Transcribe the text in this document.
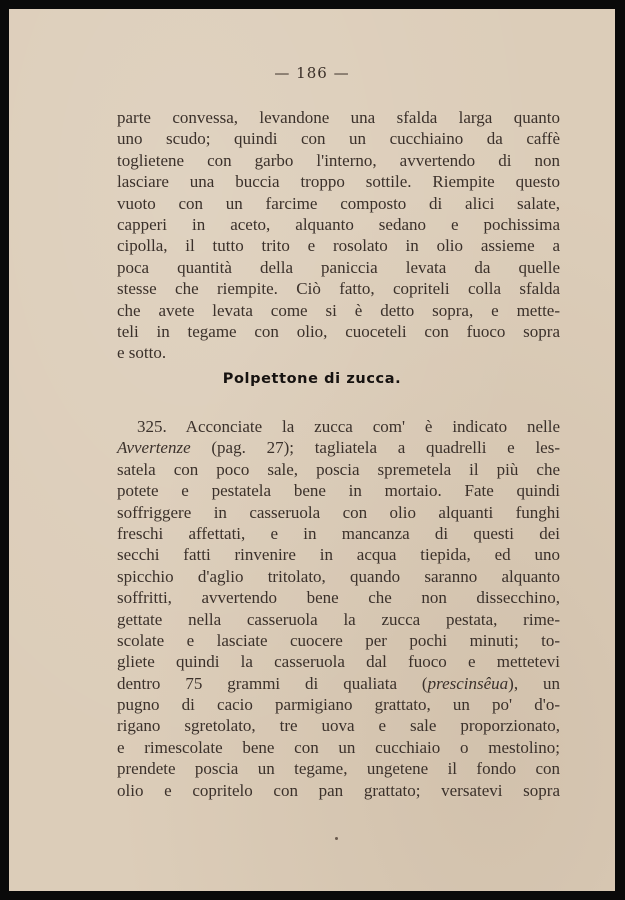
— 186 —
parte convessa, levandone una sfalda larga quanto
uno scudo; quindi con un cucchiaino da caffè
toglietene con garbo l'interno, avvertendo di non
lasciare una buccia troppo sottile. Riempite questo
vuoto con un farcime composto di alici salate,
capperi in aceto, alquanto sedano e pochissima
cipolla, il tutto trito e rosolato in olio assieme a
poca quantità della paniccia levata da quelle
stesse che riempite. Ciò fatto, copriteli colla sfalda
che avete levata come si è detto sopra, e mette-
teli in tegame con olio, cuoceteli con fuoco sopra
e sotto.
Polpettone di zucca.
325. Acconciate la zucca com' è indicato nelle
Avvertenze (pag. 27); tagliatela a quadrelli e les-
satela con poco sale, poscia spremetela il più che
potete e pestatela bene in mortaio. Fate quindi
soffriggere in casseruola con olio alquanti funghi
freschi affettati, e in mancanza di questi dei
secchi fatti rinvenire in acqua tiepida, ed uno
spicchio d'aglio tritolato, quando saranno alquanto
soffritti, avvertendo bene che non dissecchino,
gettate nella casseruola la zucca pestata, rime-
scolate e lasciate cuocere per pochi minuti; to-
gliete quindi la casseruola dal fuoco e mettetevi
dentro 75 grammi di qualiata (prescinsêua), un
pugno di cacio parmigiano grattato, un po' d'o-
rigano sgretolato, tre uova e sale proporzionato,
e rimescolate bene con un cucchiaio o mestolino;
prendete poscia un tegame, ungetene il fondo con
olio e copritelo con pan grattato; versatevi sopra
